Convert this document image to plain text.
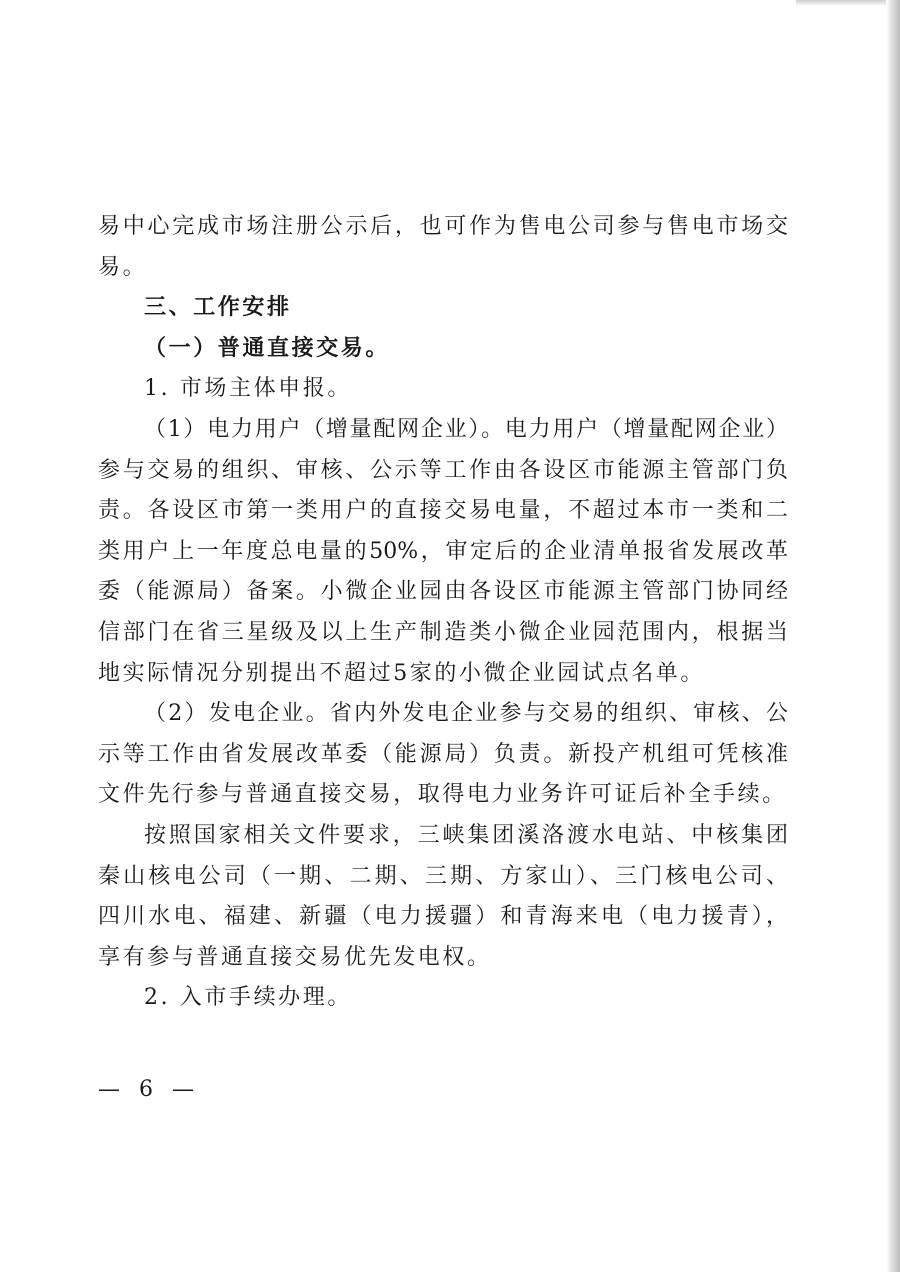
易中心完成市场注册公示后，也可作为售电公司参与售电市场交
易。
三、工作安排
（一）普通直接交易。
1. 市场主体申报。
（1）电力用户（增量配网企业）。电力用户（增量配网企业）
参与交易的组织、审核、公示等工作由各设区市能源主管部门负
责。各设区市第一类用户的直接交易电量，不超过本市一类和二
类用户上一年度总电量的50%，审定后的企业清单报省发展改革
委（能源局）备案。小微企业园由各设区市能源主管部门协同经
信部门在省三星级及以上生产制造类小微企业园范围内，根据当
地实际情况分别提出不超过5家的小微企业园试点名单。
（2）发电企业。省内外发电企业参与交易的组织、审核、公
示等工作由省发展改革委（能源局）负责。新投产机组可凭核准
文件先行参与普通直接交易，取得电力业务许可证后补全手续。
按照国家相关文件要求，三峡集团溪洛渡水电站、中核集团
秦山核电公司（一期、二期、三期、方家山）、三门核电公司、
四川水电、福建、新疆（电力援疆）和青海来电（电力援青），
享有参与普通直接交易优先发电权。
2. 入市手续办理。
— 6 —
